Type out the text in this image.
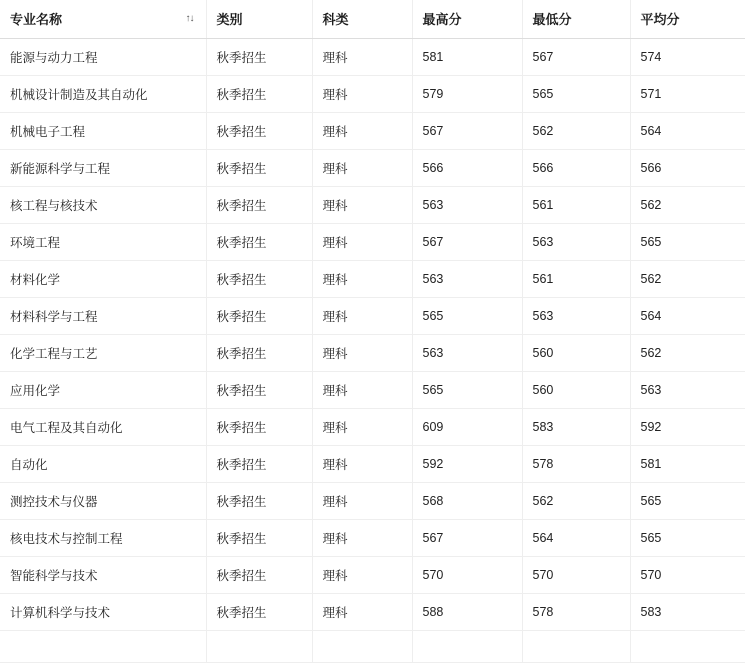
专业名称 ↑↓	类别	科类	最高分	最低分	平均分
能源与动力工程	秋季招生	理科	581	567	574
机械设计制造及其自动化	秋季招生	理科	579	565	571
机械电子工程	秋季招生	理科	567	562	564
新能源科学与工程	秋季招生	理科	566	566	566
核工程与核技术	秋季招生	理科	563	561	562
环境工程	秋季招生	理科	567	563	565
材料化学	秋季招生	理科	563	561	562
材料科学与工程	秋季招生	理科	565	563	564
化学工程与工艺	秋季招生	理科	563	560	562
应用化学	秋季招生	理科	565	560	563
电气工程及其自动化	秋季招生	理科	609	583	592
自动化	秋季招生	理科	592	578	581
测控技术与仪器	秋季招生	理科	568	562	565
核电技术与控制工程	秋季招生	理科	567	564	565
智能科学与技术	秋季招生	理科	570	570	570
计算机科学与技术	秋季招生	理科	588	578	583
